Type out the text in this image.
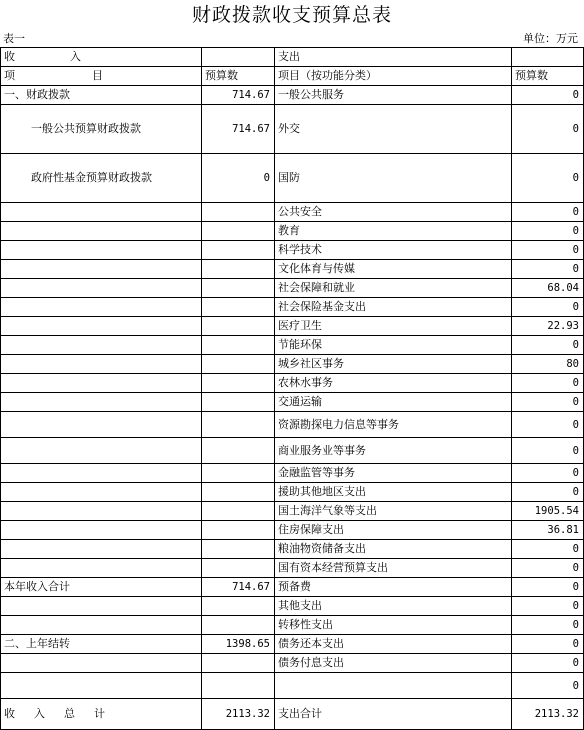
财政拨款收支预算总表
表一	单位：万元
收　　　　　入		支出	
项　　　　　　　目	预算数	项目（按功能分类）	预算数
一、财政拨款	714.67	一般公共服务	0
一般公共预算财政拨款	714.67	外交	0
政府性基金预算财政拨款	0	国防	0
		公共安全	0
		教育	0
		科学技术	0
		文化体育与传媒	0
		社会保障和就业	68.04
		社会保险基金支出	0
		医疗卫生	22.93
		节能环保	0
		城乡社区事务	80
		农林水事务	0
		交通运输	0
		资源勘探电力信息等事务	0
		商业服务业等事务	0
		金融监管等事务	0
		援助其他地区支出	0
		国土海洋气象等支出	1905.54
		住房保障支出	36.81
		粮油物资储备支出	0
		国有资本经营预算支出	0
本年收入合计	714.67	预备费	0
		其他支出	0
		转移性支出	0
二、上年结转	1398.65	债务还本支出	0
		债务付息支出	0
			0
收　入　总　计	2113.32	支出合计	2113.32
